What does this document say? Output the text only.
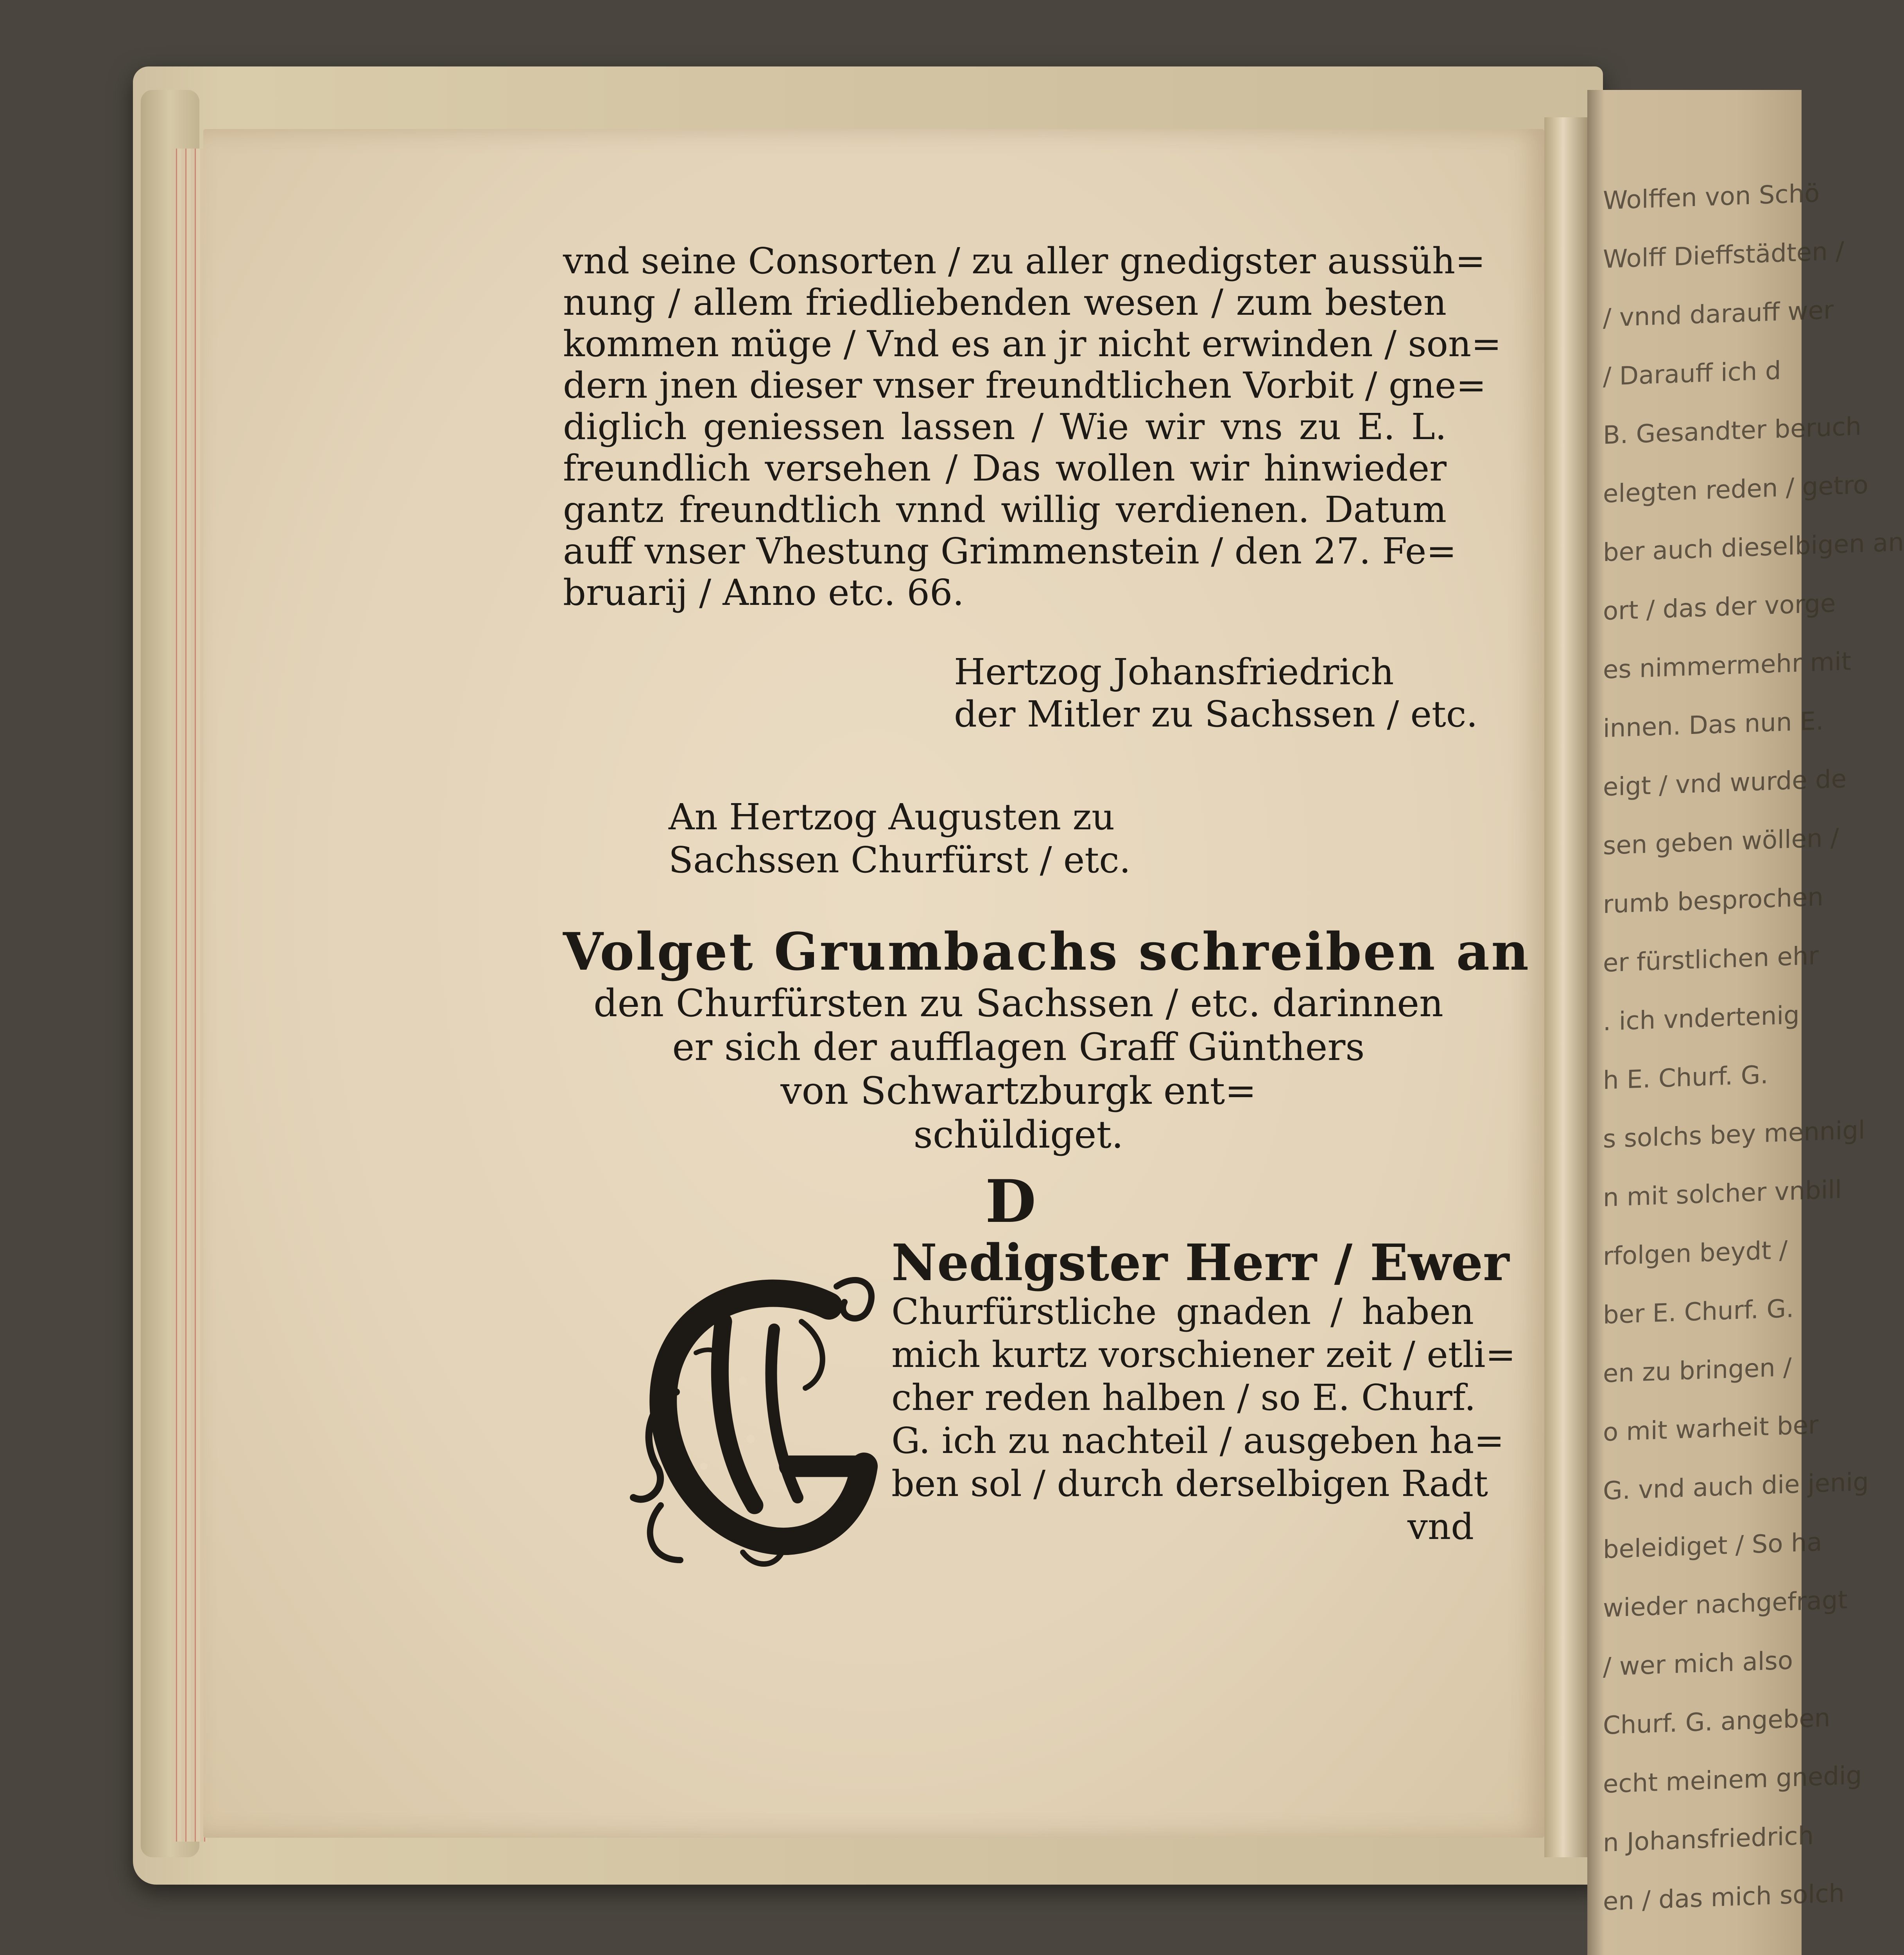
Wolffen von Schö
Wolff Dieffstädten /
/ vnnd darauff wer
/ Darauff ich d
B. Gesandter beruch
elegten reden / getro
ber auch dieselbigen an
ort / das der vorge
es nimmermehr mit
innen. Das nun E.
eigt / vnd wurde de
sen geben wöllen /
rumb besprochen
er fürstlichen ehr
. ich vndertenig
h E. Churf. G.
s solchs bey mennigl
n mit solcher vnbill
rfolgen beydt /
ber E. Churf. G.
en zu bringen /
o mit warheit ber
G. vnd auch die jenig
beleidiget / So ha
wieder nachgefragt
/ wer mich also
Churf. G. angeben
echt meinem gnedig
n Johansfriedrich
en / das mich solch
vnd seine Consorten / zu aller gnedigster aussüh=
nung / allem friedliebenden wesen / zum besten
kommen müge / Vnd es an jr nicht erwinden / son=
dern jnen dieser vnser freundtlichen Vorbit / gne=
diglich geniessen lassen / Wie wir vns zu E. L.
freundlich versehen / Das wollen wir hinwieder
gantz freundtlich vnnd willig verdienen. Datum
auff vnser Vhestung Grimmenstein / den 27. Fe=
bruarij / Anno etc. 66.
Hertzog Johansfriedrich
der Mitler zu Sachssen / etc.
An Hertzog Augusten zu
Sachssen Churfürst / etc.
Volget Grumbachs schreiben an
den Churfürsten zu Sachssen / etc. darinnen
er sich der aufflagen Graff Günthers
von Schwartzburgk ent=
schüldiget.
D
Nedigster Herr / Ewer
Churfürstliche gnaden / haben
mich kurtz vorschiener zeit / etli=
cher reden halben / so E. Churf.
G. ich zu nachteil / ausgeben ha=
ben sol / durch derselbigen Radt
vnd
